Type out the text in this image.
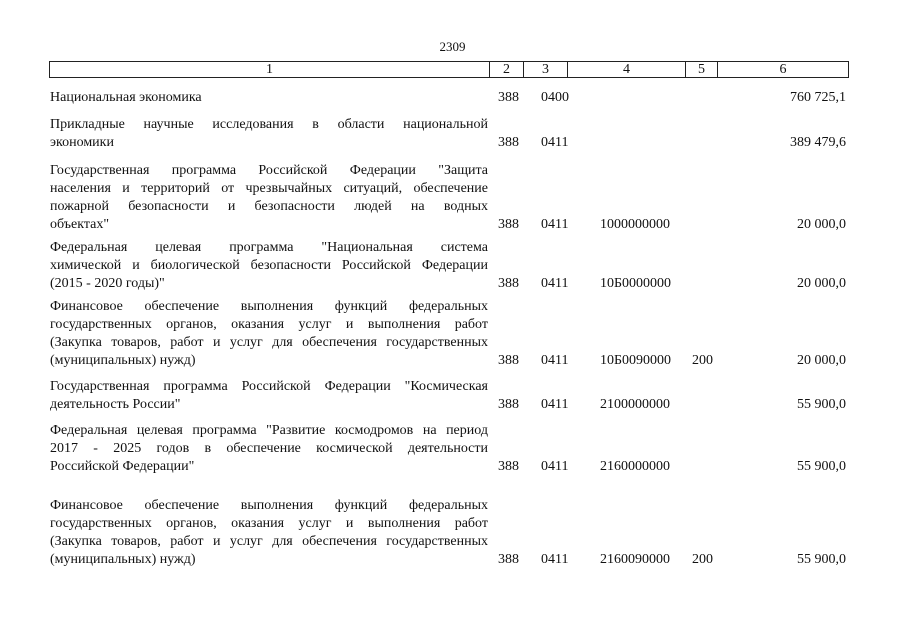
2309
1	2	3	4	5	6
Национальная экономика	388 0400	760 725,1
Прикладные научные исследования в области национальной
экономики	388 0411	389 479,6
Государственная программа Российской Федерации "Защита
населения и территорий от чрезвычайных ситуаций, обеспечение
пожарной безопасности и безопасности людей на водных
объектах"	388 0411 1000000000	20 000,0
Федеральная целевая программа "Национальная система
химической и биологической безопасности Российской Федерации
(2015 - 2020 годы)"	388 0411 10Б0000000	20 000,0
Финансовое обеспечение выполнения функций федеральных
государственных органов, оказания услуг и выполнения работ
(Закупка товаров, работ и услуг для обеспечения государственных
(муниципальных) нужд)	388 0411 10Б0090000 200	20 000,0
Государственная программа Российской Федерации "Космическая
деятельность России"	388 0411 2100000000	55 900,0
Федеральная целевая программа "Развитие космодромов на период
2017 - 2025 годов в обеспечение космической деятельности
Российской Федерации"	388 0411 2160000000	55 900,0
Финансовое обеспечение выполнения функций федеральных
государственных органов, оказания услуг и выполнения работ
(Закупка товаров, работ и услуг для обеспечения государственных
(муниципальных) нужд)	388 0411 2160090000 200	55 900,0
